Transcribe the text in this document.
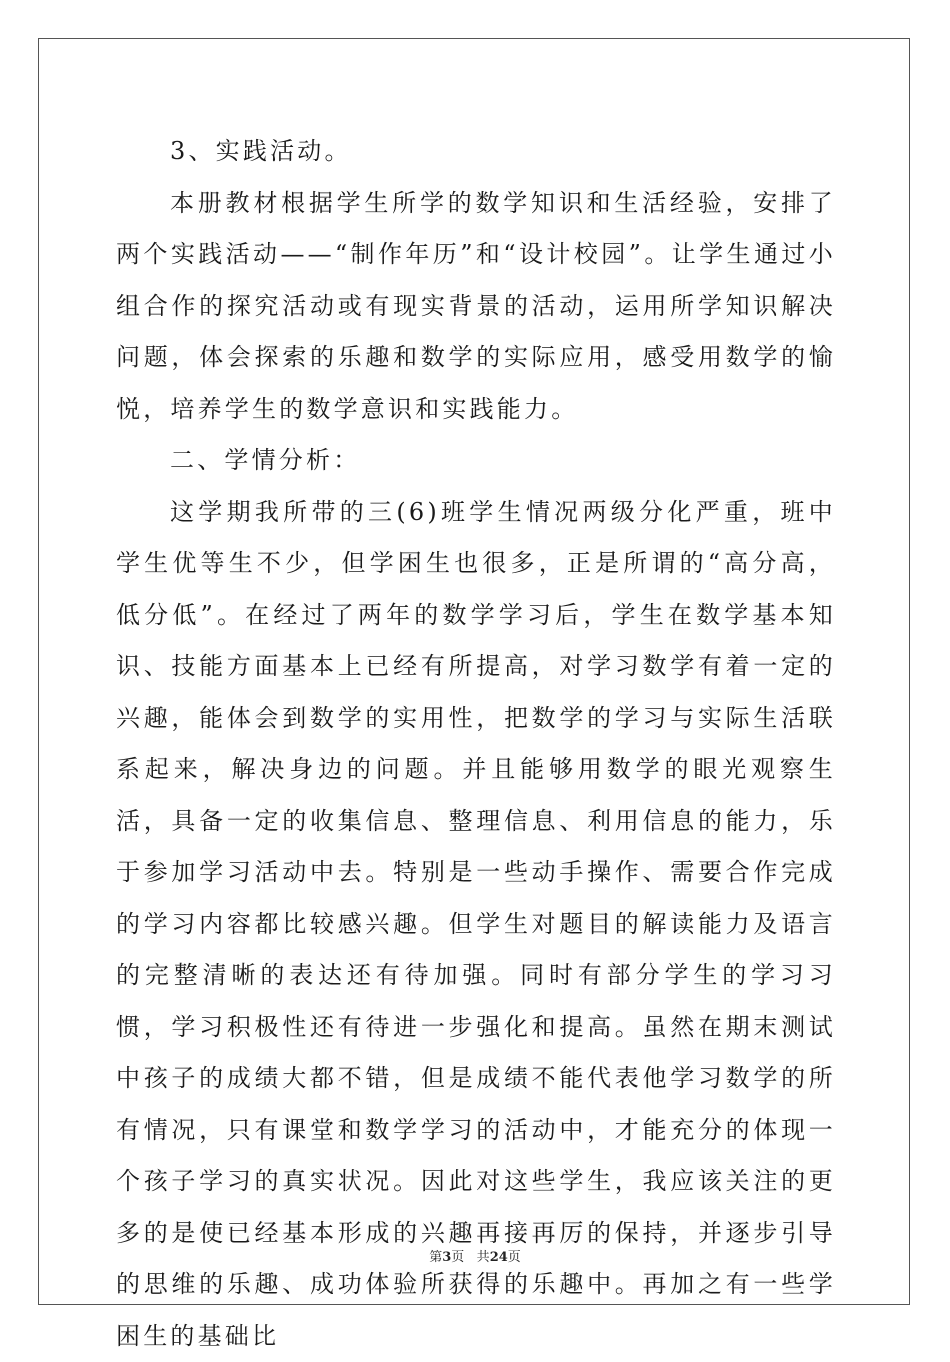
3、实践活动。

本册教材根据学生所学的数学知识和生活经验，安排了两个实践活动——“制作年历”和“设计校园”。让学生通过小组合作的探究活动或有现实背景的活动，运用所学知识解决问题，体会探索的乐趣和数学的实际应用，感受用数学的愉悦，培养学生的数学意识和实践能力。

二、学情分析：

这学期我所带的三(6)班学生情况两级分化严重，班中学生优等生不少，但学困生也很多，正是所谓的“高分高，低分低”。在经过了两年的数学学习后，学生在数学基本知识、技能方面基本上已经有所提高，对学习数学有着一定的兴趣，能体会到数学的实用性，把数学的学习与实际生活联系起来，解决身边的问题。并且能够用数学的眼光观察生活，具备一定的收集信息、整理信息、利用信息的能力，乐于参加学习活动中去。特别是一些动手操作、需要合作完成的学习内容都比较感兴趣。但学生对题目的解读能力及语言的完整清晰的表达还有待加强。同时有部分学生的学习习惯，学习积极性还有待进一步强化和提高。虽然在期末测试中孩子的成绩大都不错，但是成绩不能代表他学习数学的所有情况，只有课堂和数学学习的活动中，才能充分的体现一个孩子学习的真实状况。因此对这些学生，我应该关注的更多的是使已经基本形成的兴趣再接再厉的保持，并逐步引导的思维的乐趣、成功体验所获得的乐趣中。再加之有一些学困生的基础比

第3页 共24页
